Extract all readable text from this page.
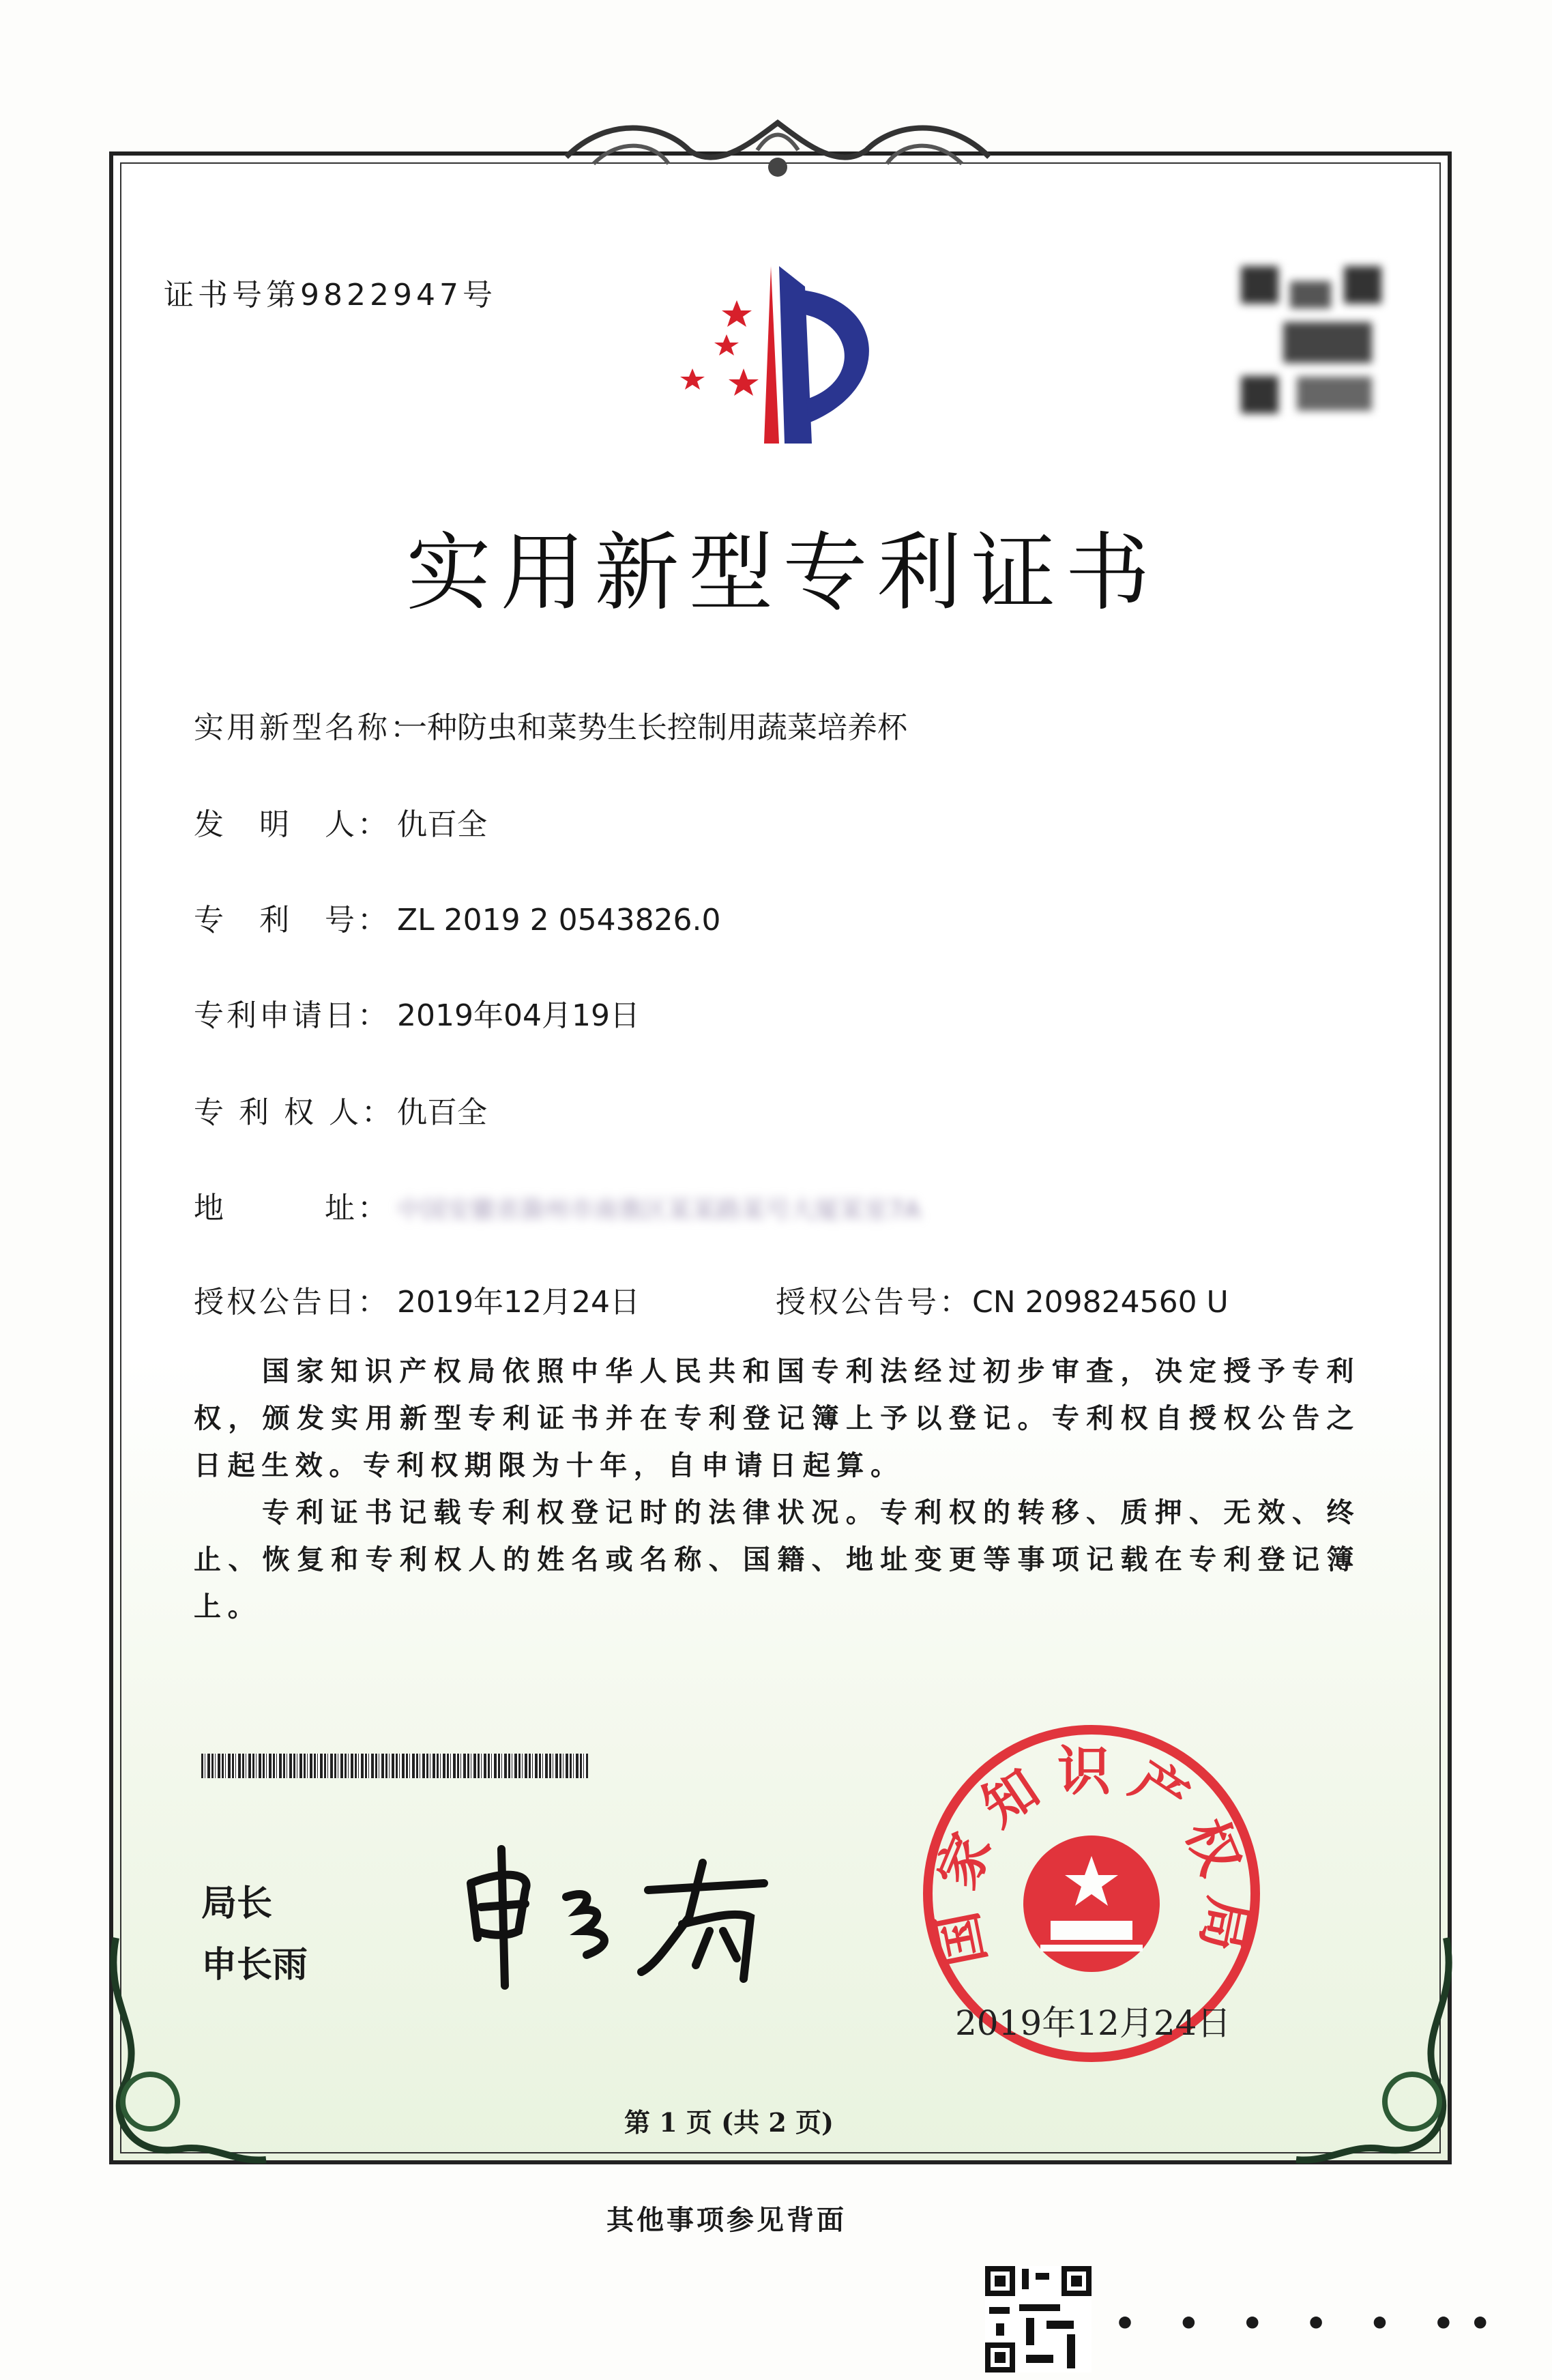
证书号第9822947号
实用新型专利证书
实用新型名称：一种防虫和菜势生长控制用蔬菜培养杯
发　明　人： 仇百全
专　利　号： ZL 2019 2 0543826.0
专利申请日： 2019年04月19日
专 利 权 人：仇百全
地　　　址： 中国安徽省滁州市南谯区某某路某号大厦某室7A
授权公告日： 2019年12月24日	授权公告号：CN 209824560 U

国家知识产权局依照中华人民共和国专利法经过初步审查，决定授予专利权，颁发实用新型专利证书并在专利登记簿上予以登记。专利权自授权公告之日起生效。专利权期限为十年，自申请日起算。

专利证书记载专利权登记时的法律状况。专利权的转移、质押、无效、终止、恢复和专利权人的姓名或名称、国籍、地址变更等事项记载在专利登记簿上。

局长
申长雨	国家知识产权局
2019年12月24日
第 1 页 (共 2 页)
其他事项参见背面
• • • • • ••
